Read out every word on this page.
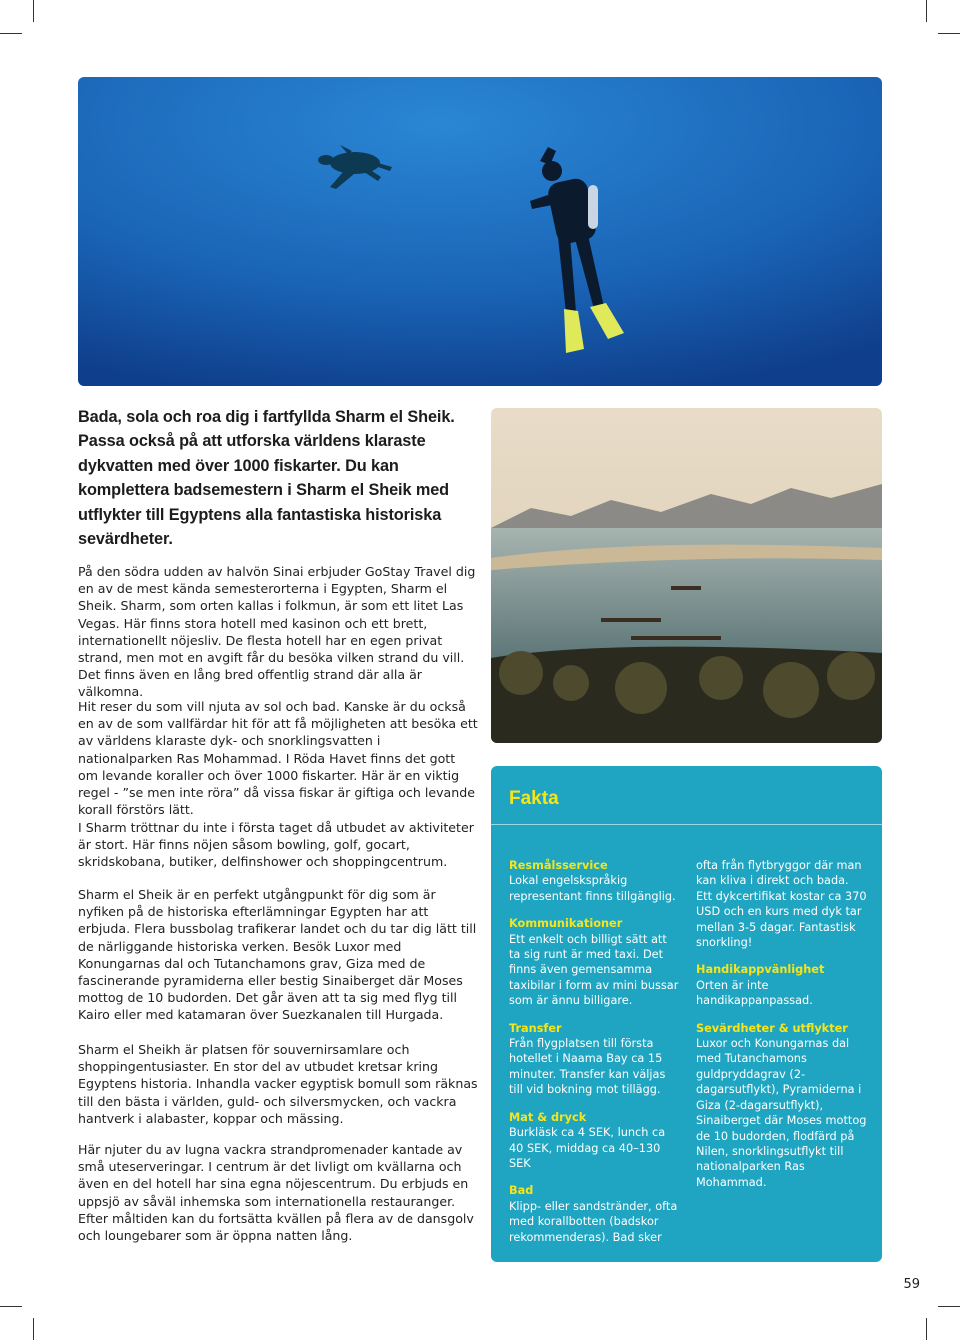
Bada, sola och roa dig i fartfyllda Sharm el Sheik. Passa också på att utforska världens klaraste dykvatten med över 1000 fiskarter. Du kan komplettera badsemestern i Sharm el Sheik med utflykter till Egyptens alla fantastiska historiska sevärdheter.

På den södra udden av halvön Sinai erbjuder GoStay Travel dig en av de mest kända semesterorterna i Egypten, Sharm el Sheik. Sharm, som orten kallas i folkmun, är som ett litet Las Vegas. Här finns stora hotell med kasinon och ett brett, internationellt nöjesliv. De flesta hotell har en egen privat strand, men mot en avgift får du besöka vilken strand du vill. Det finns även en lång bred offentlig strand där alla är välkomna.

Hit reser du som vill njuta av sol och bad. Kanske är du också en av de som vallfärdar hit för att få möjligheten att besöka ett av världens klaraste dyk- och snorklingsvatten i nationalparken Ras Mohammad. I Röda Havet finns det gott om levande koraller och över 1000 fiskarter. Här är en viktig regel - ”se men inte röra” då vissa fiskar är giftiga och levande korall förstörs lätt.

I Sharm tröttnar du inte i första taget då utbudet av aktiviteter är stort. Här finns nöjen såsom bowling, golf, gocart, skridskobana, butiker, delfinshower och shoppingcentrum.

Sharm el Sheik är en perfekt utgångpunkt för dig som är nyfiken på de historiska efterlämningar Egypten har att erbjuda. Flera bussbolag trafikerar landet och du tar dig lätt till de närliggande historiska verken. Besök Luxor med Konungarnas dal och Tutanchamons grav, Giza med de fascinerande pyramiderna eller bestig Sinaiberget där Moses mottog de 10 budorden. Det går även att ta sig med flyg till Kairo eller med katamaran över Suezkanalen till Hurgada.

Sharm el Sheikh är platsen för souvernirsamlare och shoppingentusiaster. En stor del av utbudet kretsar kring Egyptens historia. Inhandla vacker egyptisk bomull som räknas till den bästa i världen, guld- och silversmycken, och vackra hantverk i alabaster, koppar och mässing.

Här njuter du av lugna vackra strandpromenader kantade av små uteserveringar. I centrum är det livligt om kvällarna och även en del hotell har sina egna nöjescentrum. Du erbjuds en uppsjö av såväl inhemska som internationella restauranger. Efter måltiden kan du fortsätta kvällen på flera av de dansgolv och loungebarer som är öppna natten lång.

Fakta
Resmålsservice
Lokal engelskspråkig representant finns tillgänglig.
Kommunikationer
Ett enkelt och billigt sätt att ta sig runt är med taxi. Det finns även gemensamma taxibilar i form av mini bussar som är ännu billigare.
Transfer
Från flygplatsen till första hotellet i Naama Bay ca 15 minuter. Transfer kan väljas till vid bokning mot tillägg.
Mat & dryck
Burkläsk ca 4 SEK, lunch ca 40 SEK, middag ca 40–130 SEK
Bad
Klipp- eller sandstränder, ofta med korallbotten (badskor rekommenderas). Bad sker
ofta från flytbryggor där man kan kliva i direkt och bada. Ett dykcertifikat kostar ca 370 USD och en kurs med dyk tar mellan 3-5 dagar. Fantastisk snorkling!
Handikappvänlighet
Orten är inte handikappanpassad.
Sevärdheter & utflykter
Luxor och Konungarnas dal med Tutanchamons guldpryddagrav (2-dagarsutflykt), Pyramiderna i Giza (2-dagarsutflykt), Sinaiberget där Moses mottog de 10 budorden, flodfärd på Nilen, snorklingsutflykt till nationalparken Ras Mohammad.
59
